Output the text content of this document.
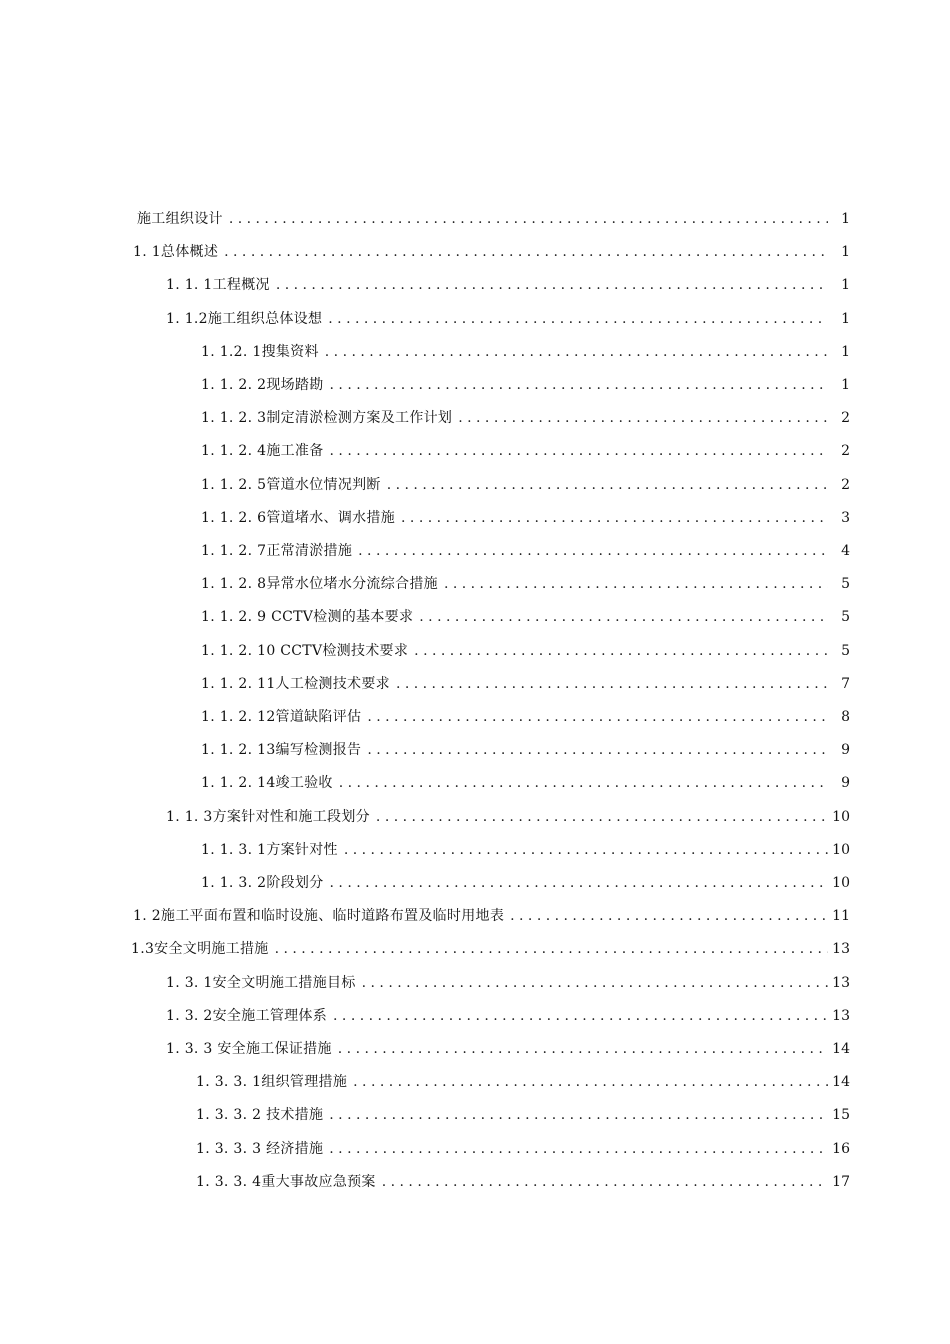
施工组织设计 . . .	1
1. 1总体概述 . . .	1
1. 1. 1工程概况 . . .	1
1. 1.2施工组织总体设想 . . .	1
1. 1.2. 1搜集资料 . . .	1
1. 1. 2. 2现场踏勘 . . .	1
1. 1. 2. 3制定清淤检测方案及工作计划 . . .	2
1. 1. 2. 4施工准备 . . .	2
1. 1. 2. 5管道水位情况判断 . . .	2
1. 1. 2. 6管道堵水、调水措施 . . .	3
1. 1. 2. 7正常清淤措施 . . .	4
1. 1. 2. 8异常水位堵水分流综合措施 . . .	5
1. 1. 2. 9 CCTV检测的基本要求 . . .	5
1. 1. 2. 10 CCTV检测技术要求 . . .	5
1. 1. 2. 11人工检测技术要求 . . .	7
1. 1. 2. 12管道缺陷评估 . . .	8
1. 1. 2. 13编写检测报告 . . .	9
1. 1. 2. 14竣工验收 . . .	9
1. 1. 3方案针对性和施工段划分 . . .	10
1. 1. 3. 1方案针对性 . . .	10
1. 1. 3. 2阶段划分 . . .	10
1. 2施工平面布置和临时设施、临时道路布置及临时用地表 . . .	11
1.3安全文明施工措施 . . .	13
1. 3. 1安全文明施工措施目标 . . .	13
1. 3. 2安全施工管理体系 . . .	13
1. 3. 3 安全施工保证措施 . . .	14
1. 3. 3. 1组织管理措施 . . .	14
1. 3. 3. 2 技术措施 . . .	15
1. 3. 3. 3 经济措施 . . .	16
1. 3. 3. 4重大事故应急预案 . . .	17
